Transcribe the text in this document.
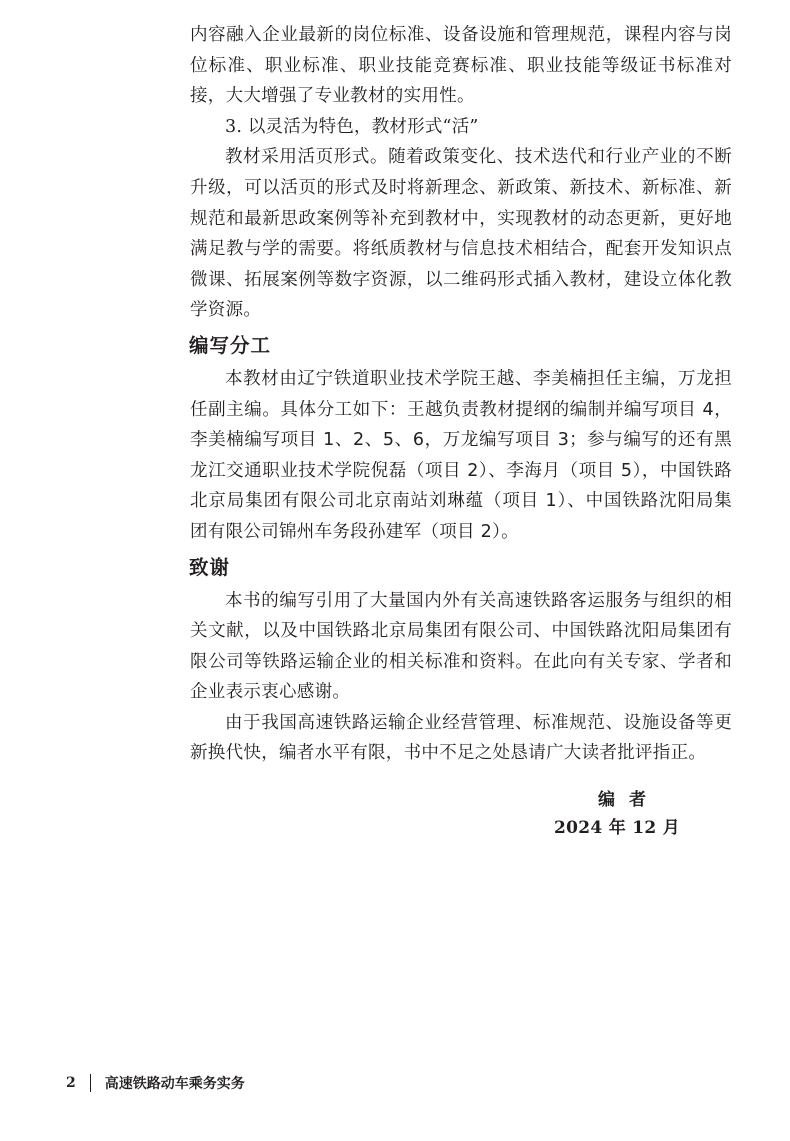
内容融入企业最新的岗位标准、设备设施和管理规范，课程内容与岗位标准、职业标准、职业技能竞赛标准、职业技能等级证书标准对接，大大增强了专业教材的实用性。

3. 以灵活为特色，教材形式“活”

教材采用活页形式。随着政策变化、技术迭代和行业产业的不断升级，可以活页的形式及时将新理念、新政策、新技术、新标准、新规范和最新思政案例等补充到教材中，实现教材的动态更新，更好地满足教与学的需要。将纸质教材与信息技术相结合，配套开发知识点微课、拓展案例等数字资源，以二维码形式插入教材，建设立体化教学资源。

编写分工

本教材由辽宁铁道职业技术学院王越、李美楠担任主编，万龙担任副主编。具体分工如下：王越负责教材提纲的编制并编写项目 4，李美楠编写项目 1、2、5、6，万龙编写项目 3；参与编写的还有黑龙江交通职业技术学院倪磊（项目 2）、李海月（项目 5），中国铁路北京局集团有限公司北京南站刘琳蕴（项目 1）、中国铁路沈阳局集团有限公司锦州车务段孙建军（项目 2）。

致谢

本书的编写引用了大量国内外有关高速铁路客运服务与组织的相关文献，以及中国铁路北京局集团有限公司、中国铁路沈阳局集团有限公司等铁路运输企业的相关标准和资料。在此向有关专家、学者和企业表示衷心感谢。

由于我国高速铁路运输企业经营管理、标准规范、设施设备等更新换代快，编者水平有限，书中不足之处恳请广大读者批评指正。

编者
2024 年 12 月
2 高速铁路动车乘务实务
